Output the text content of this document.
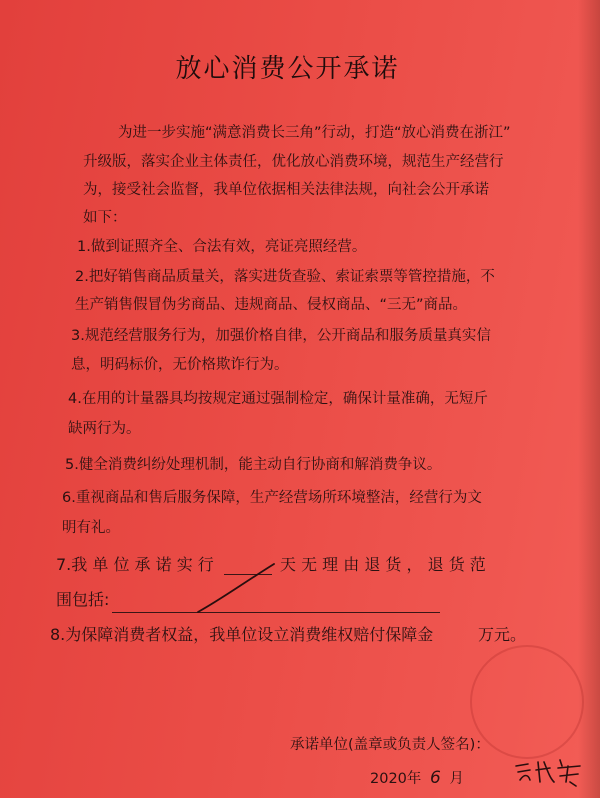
放心消费公开承诺
为进一步实施“满意消费长三角”行动，打造“放心消费在浙江”
升级版，落实企业主体责任，优化放心消费环境，规范生产经营行
为，接受社会监督，我单位依据相关法律法规，向社会公开承诺
如下：
1.做到证照齐全、合法有效，亮证亮照经营。
2.把好销售商品质量关，落实进货查验、索证索票等管控措施，不
生产销售假冒伪劣商品、违规商品、侵权商品、“三无”商品。
3.规范经营服务行为，加强价格自律，公开商品和服务质量真实信
息，明码标价，无价格欺诈行为。
4.在用的计量器具均按规定通过强制检定，确保计量准确，无短斤
缺两行为。
5.健全消费纠纷处理机制，能主动自行协商和解消费争议。
6.重视商品和售后服务保障，生产经营场所环境整洁，经营行为文
明有礼。
7.我 单 位 承 诺 实 行	天 无 理 由 退 货 ， 退 货 范
围包括:
8.为保障消费者权益，我单位设立消费维权赔付保障金	万元。
承诺单位(盖章或负责人签名)：
2020年 6 月
